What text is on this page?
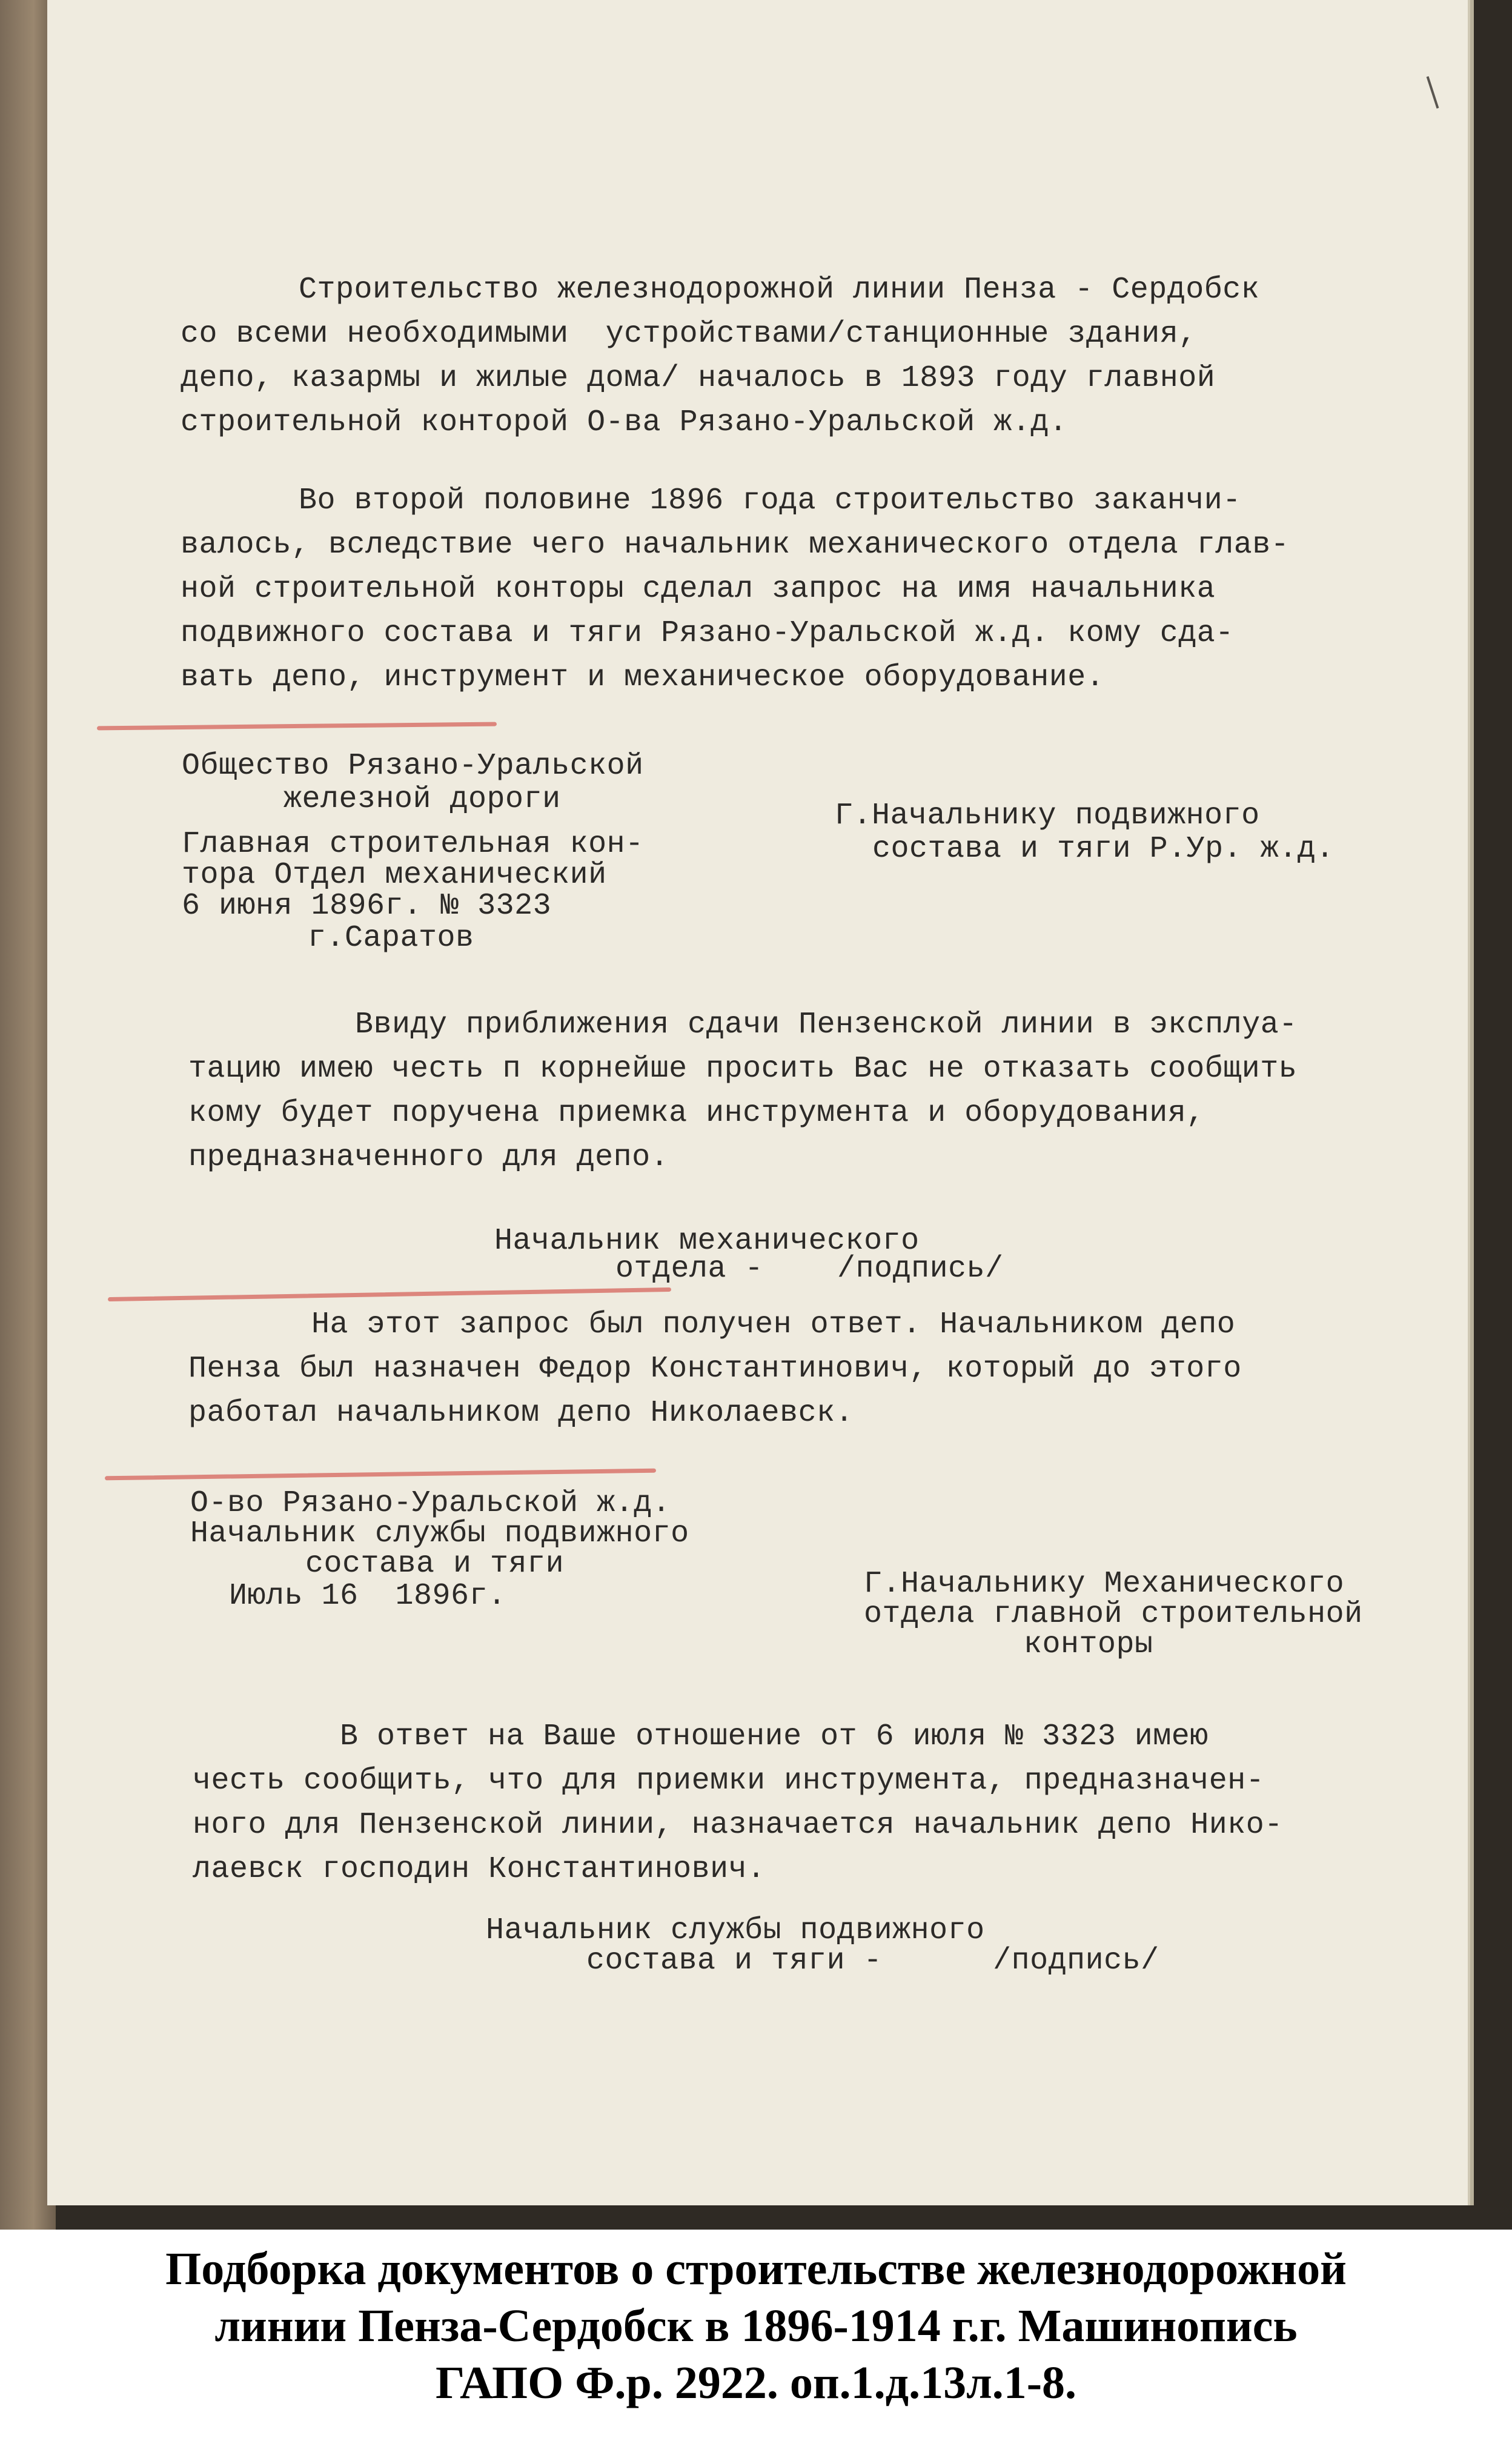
Строительство железнодорожной линии Пенза - Сердобск

со всеми необходимыми  устройствами/станционные здания,

депо, казармы и жилые дома/ началось в 1893 году главной

строительной конторой О-ва Рязано-Уральской ж.д.

Во второй половине 1896 года строительство заканчи-

валось, вследствие чего начальник механического отдела глав-

ной строительной конторы сделал запрос на имя начальника

подвижного состава и тяги Рязано-Уральской ж.д. кому сда-

вать депо, инструмент и механическое оборудование.

Общество Рязано-Уральской

железной дороги

Главная строительная кон-

тора Отдел механический

6 июня 1896г. № 3323

г.Саратов

Г.Начальнику подвижного

состава и тяги Р.Ур. ж.д.

Ввиду приближения сдачи Пензенской линии в эксплуа-

тацию имею честь п корнейше просить Вас не отказать сообщить

кому будет поручена приемка инструмента и оборудования,

предназначенного для депо.

Начальник механического

отдела -    /подпись/

На этот запрос был получен ответ. Начальником депо

Пенза был назначен Федор Константинович, который до этого

работал начальником депо Николаевск.

О-во Рязано-Уральской ж.д.

Начальник службы подвижного

состава и тяги

Июль 16  1896г.	Г.Начальнику Механического

отдела главной строительной

конторы

В ответ на Ваше отношение от 6 июля № 3323 имею

честь сообщить, что для приемки инструмента, предназначен-

ного для Пензенской линии, назначается начальник депо Нико-

лаевск господин Константинович.

Начальник службы подвижного

состава и тяги -      /подпись/

Подборка документов о строительстве железнодорожной
линии Пенза-Сердобск в 1896-1914 г.г. Машинопись
ГАПО Ф.р. 2922. оп.1.д.13л.1-8.
